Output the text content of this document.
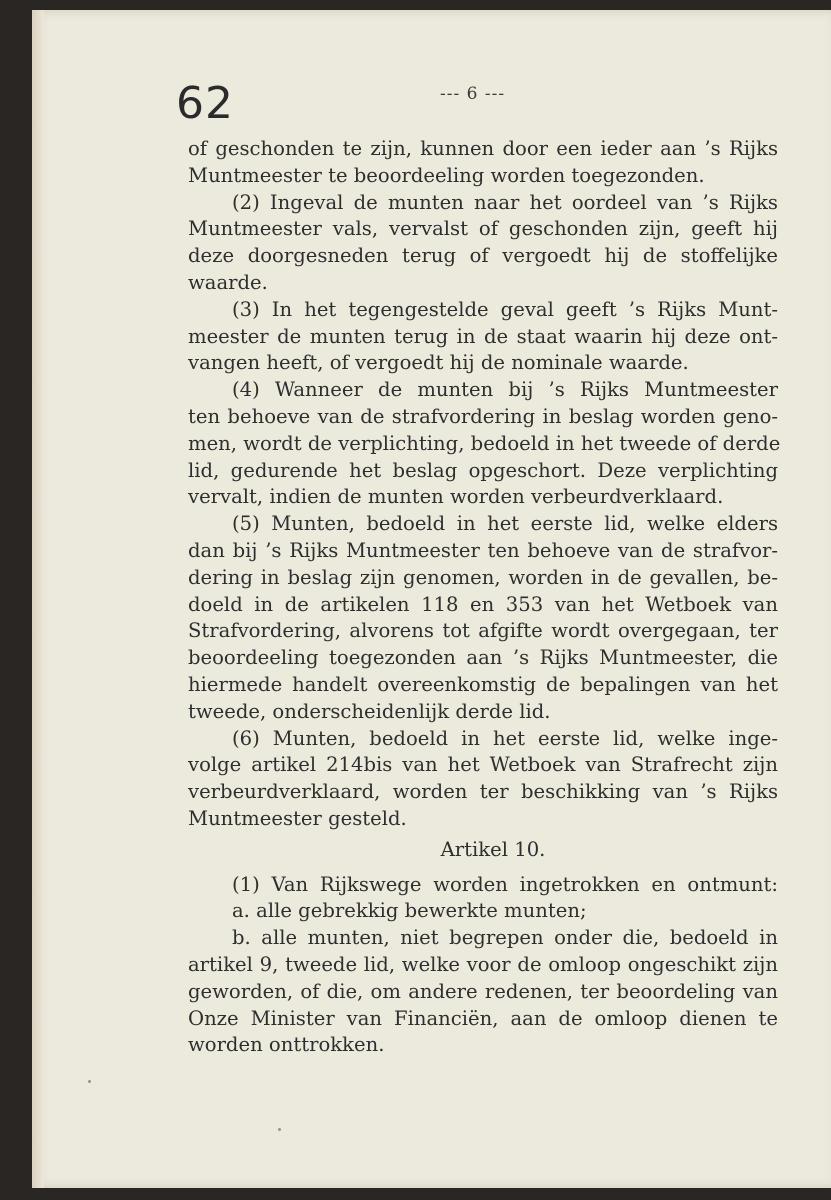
62	--- 6 ---
of geschonden te zijn, kunnen door een ieder aan ’s Rijks
Muntmeester te beoordeeling worden toegezonden.
(2) Ingeval de munten naar het oordeel van ’s Rijks
Muntmeester vals, vervalst of geschonden zijn, geeft hij
deze doorgesneden terug of vergoedt hij de stoffelijke
waarde.
(3) In het tegengestelde geval geeft ’s Rijks Munt-
meester de munten terug in de staat waarin hij deze ont-
vangen heeft, of vergoedt hij de nominale waarde.
(4) Wanneer de munten bij ’s Rijks Muntmeester
ten behoeve van de strafvordering in beslag worden geno-
men, wordt de verplichting, bedoeld in het tweede of derde
lid, gedurende het beslag opgeschort. Deze verplichting
vervalt, indien de munten worden verbeurdverklaard.
(5) Munten, bedoeld in het eerste lid, welke elders
dan bij ’s Rijks Muntmeester ten behoeve van de strafvor-
dering in beslag zijn genomen, worden in de gevallen, be-
doeld in de artikelen 118 en 353 van het Wetboek van
Strafvordering, alvorens tot afgifte wordt overgegaan, ter
beoordeeling toegezonden aan ’s Rijks Muntmeester, die
hiermede handelt overeenkomstig de bepalingen van het
tweede, onderscheidenlijk derde lid.
(6) Munten, bedoeld in het eerste lid, welke inge-
volge artikel 214bis van het Wetboek van Strafrecht zijn
verbeurdverklaard, worden ter beschikking van ’s Rijks
Muntmeester gesteld.
Artikel 10.
(1) Van Rijkswege worden ingetrokken en ontmunt:
a. alle gebrekkig bewerkte munten;
b. alle munten, niet begrepen onder die, bedoeld in
artikel 9, tweede lid, welke voor de omloop ongeschikt zijn
geworden, of die, om andere redenen, ter beoordeling van
Onze Minister van Financiën, aan de omloop dienen te
worden onttrokken.
